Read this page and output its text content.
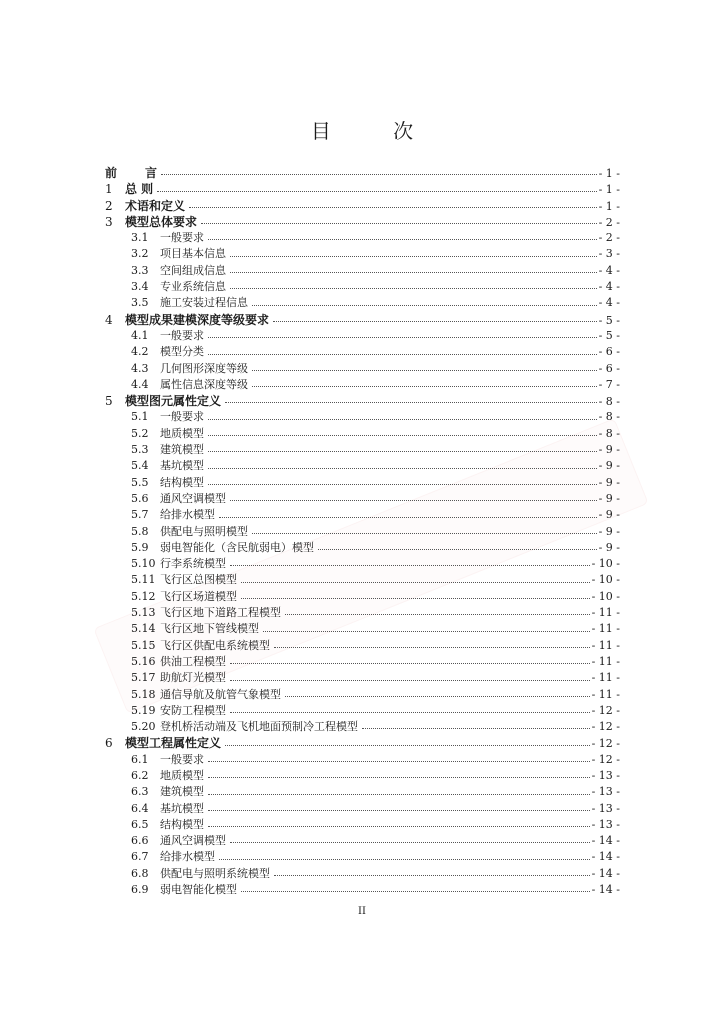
目 次
前	言	- 1 -
1	总 则	- 1 -
2	术语和定义	- 1 -
3	模型总体要求	- 2 -
3.1	一般要求	- 2 -
3.2	项目基本信息	- 3 -
3.3	空间组成信息	- 4 -
3.4	专业系统信息	- 4 -
3.5	施工安装过程信息	- 4 -
4	模型成果建模深度等级要求	- 5 -
4.1	一般要求	- 5 -
4.2	模型分类	- 6 -
4.3	几何图形深度等级	- 6 -
4.4	属性信息深度等级	- 7 -
5	模型图元属性定义	- 8 -
5.1	一般要求	- 8 -
5.2	地质模型	- 8 -
5.3	建筑模型	- 9 -
5.4	基坑模型	- 9 -
5.5	结构模型	- 9 -
5.6	通风空调模型	- 9 -
5.7	给排水模型	- 9 -
5.8	供配电与照明模型	- 9 -
5.9	弱电智能化（含民航弱电）模型	- 9 -
5.10 行李系统模型	- 10 -
5.11 飞行区总图模型	- 10 -
5.12 飞行区场道模型	- 10 -
5.13 飞行区地下道路工程模型	- 11 -
5.14 飞行区地下管线模型	- 11 -
5.15 飞行区供配电系统模型	- 11 -
5.16 供油工程模型	- 11 -
5.17 助航灯光模型	- 11 -
5.18 通信导航及航管气象模型	- 11 -
5.19 安防工程模型	- 12 -
5.20 登机桥活动端及飞机地面预制冷工程模型	- 12 -
6	模型工程属性定义	- 12 -
6.1	一般要求	- 12 -
6.2	地质模型	- 13 -
6.3	建筑模型	- 13 -
6.4	基坑模型	- 13 -
6.5	结构模型	- 13 -
6.6	通风空调模型	- 14 -
6.7	给排水模型	- 14 -
6.8	供配电与照明系统模型	- 14 -
6.9	弱电智能化模型	- 14 -
II
